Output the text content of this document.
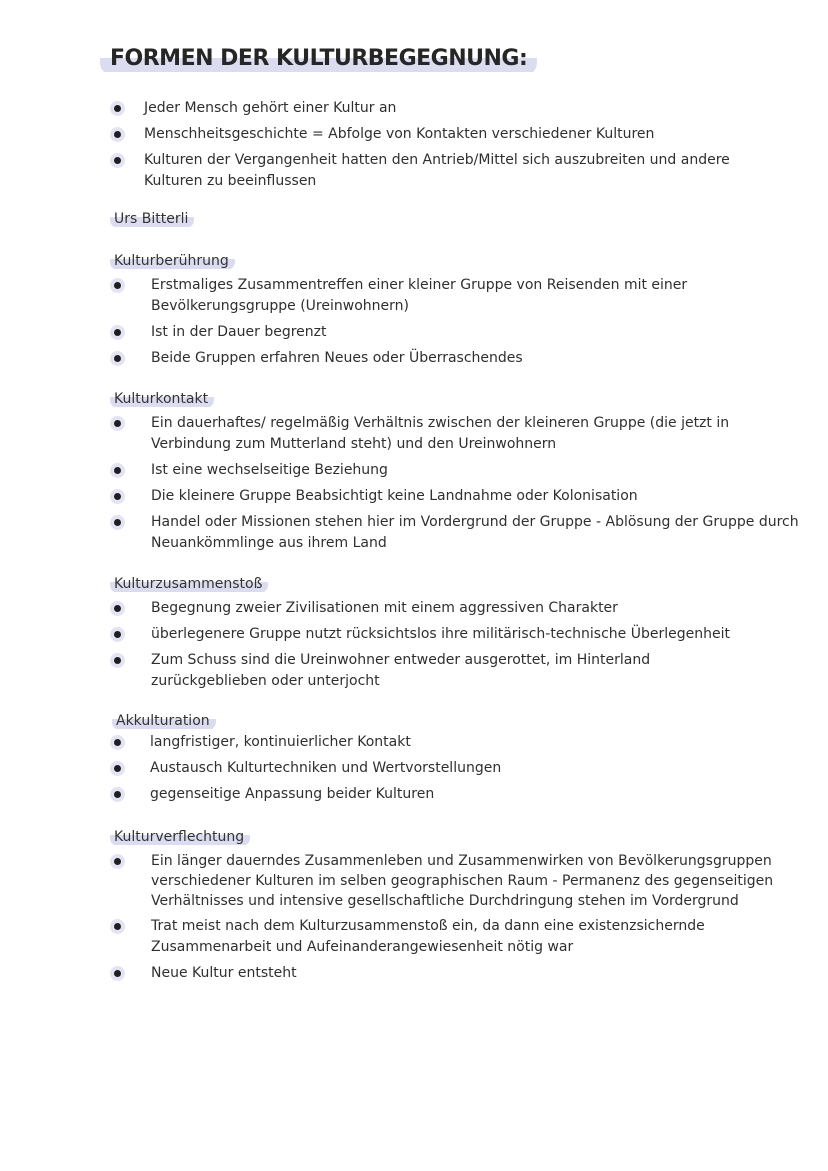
FORMEN DER KULTURBEGEGNUNG:
Jeder Mensch gehört einer Kultur an
Menschheitsgeschichte = Abfolge von Kontakten verschiedener Kulturen
Kulturen der Vergangenheit hatten den Antrieb/Mittel sich auszubreiten und andere Kulturen zu beeinflussen
Urs Bitterli
Kulturberührung
Erstmaliges Zusammentreffen einer kleiner Gruppe von Reisenden mit einer Bevölkerungsgruppe (Ureinwohnern)
Ist in der Dauer begrenzt
Beide Gruppen erfahren Neues oder Überraschendes
Kulturkontakt
Ein dauerhaftes/ regelmäßig Verhältnis zwischen der kleineren Gruppe (die jetzt in Verbindung zum Mutterland steht) und den Ureinwohnern
Ist eine wechselseitige Beziehung
Die kleinere Gruppe Beabsichtigt keine Landnahme oder Kolonisation
Handel oder Missionen stehen hier im Vordergrund der Gruppe - Ablösung der Gruppe durch Neuankömmlinge aus ihrem Land
Kulturzusammenstoß
Begegnung zweier Zivilisationen mit einem aggressiven Charakter
überlegenere Gruppe nutzt rücksichtslos ihre militärisch-technische Überlegenheit
Zum Schuss sind die Ureinwohner entweder ausgerottet, im Hinterland zurückgeblieben oder unterjocht
Akkulturation
langfristiger, kontinuierlicher Kontakt
Austausch Kulturtechniken und Wertvorstellungen
gegenseitige Anpassung beider Kulturen
Kulturverflechtung
Ein länger dauerndes Zusammenleben und Zusammenwirken von Bevölkerungsgruppen verschiedener Kulturen im selben geographischen Raum - Permanenz des gegenseitigen Verhältnisses und intensive gesellschaftliche Durchdringung stehen im Vordergrund
Trat meist nach dem Kulturzusammenstoß ein, da dann eine existenzsichernde Zusammenarbeit und Aufeinanderangewiesenheit nötig war
Neue Kultur entsteht
